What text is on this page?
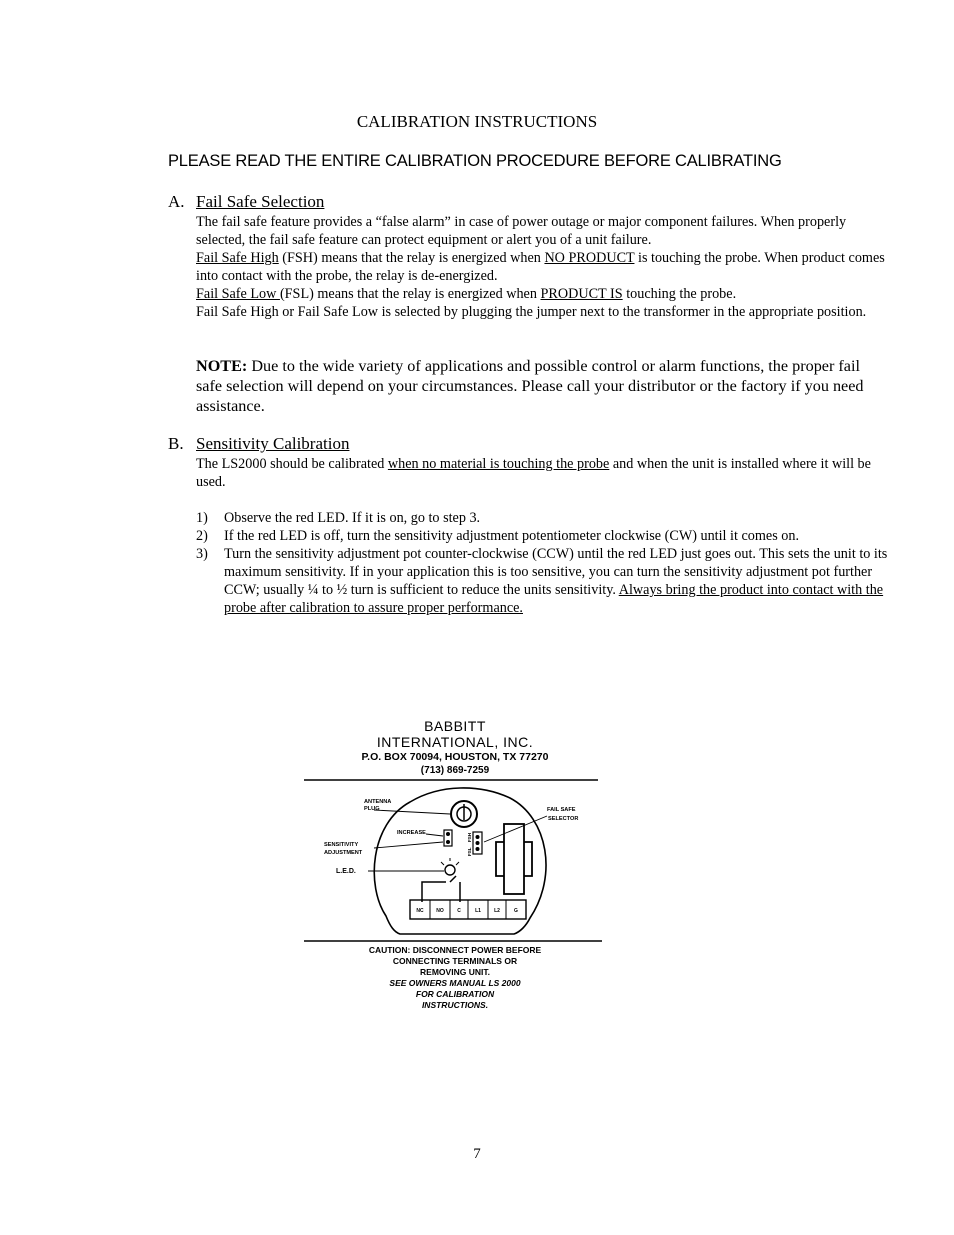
CALIBRATION INSTRUCTIONS
PLEASE READ THE ENTIRE CALIBRATION PROCEDURE BEFORE CALIBRATING
A. Fail Safe Selection
The fail safe feature provides a “false alarm” in case of power outage or major component failures. When properly selected, the fail safe feature can protect equipment or alert you of a unit failure.
Fail Safe High (FSH) means that the relay is energized when NO PRODUCT is touching the probe. When product comes into contact with the probe, the relay is de-energized.
Fail Safe Low (FSL) means that the relay is energized when PRODUCT IS touching the probe.
Fail Safe High or Fail Safe Low is selected by plugging the jumper next to the transformer in the appropriate position.
NOTE: Due to the wide variety of applications and possible control or alarm functions, the proper fail safe selection will depend on your circumstances. Please call your distributor or the factory if you need assistance.
B. Sensitivity Calibration
The LS2000 should be calibrated when no material is touching the probe and when the unit is installed where it will be used.
1) Observe the red LED. If it is on, go to step 3.
2) If the red LED is off, turn the sensitivity adjustment potentiometer clockwise (CW) until it comes on.
3) Turn the sensitivity adjustment pot counter-clockwise (CCW) until the red LED just goes out. This sets the unit to its maximum sensitivity. If in your application this is too sensitive, you can turn the sensitivity adjustment pot further CCW; usually ¼ to ½ turn is sufficient to reduce the units sensitivity. Always bring the product into contact with the probe after calibration to assure proper performance.
BABBITT
INTERNATIONAL, INC.
P.O. BOX 70094, HOUSTON, TX 77270
(713) 869-7259
ANTENNA
PLUG	FAIL SAFE
SELECTOR
INCREASE
SENSITIVITY
ADJUSTMENT
L.E.D.
FSH
FSL
NC	NO	C	L1	L2	G
CAUTION: DISCONNECT POWER BEFORE
CONNECTING TERMINALS OR
REMOVING UNIT.
SEE OWNERS MANUAL LS 2000
FOR CALIBRATION
INSTRUCTIONS.
7
